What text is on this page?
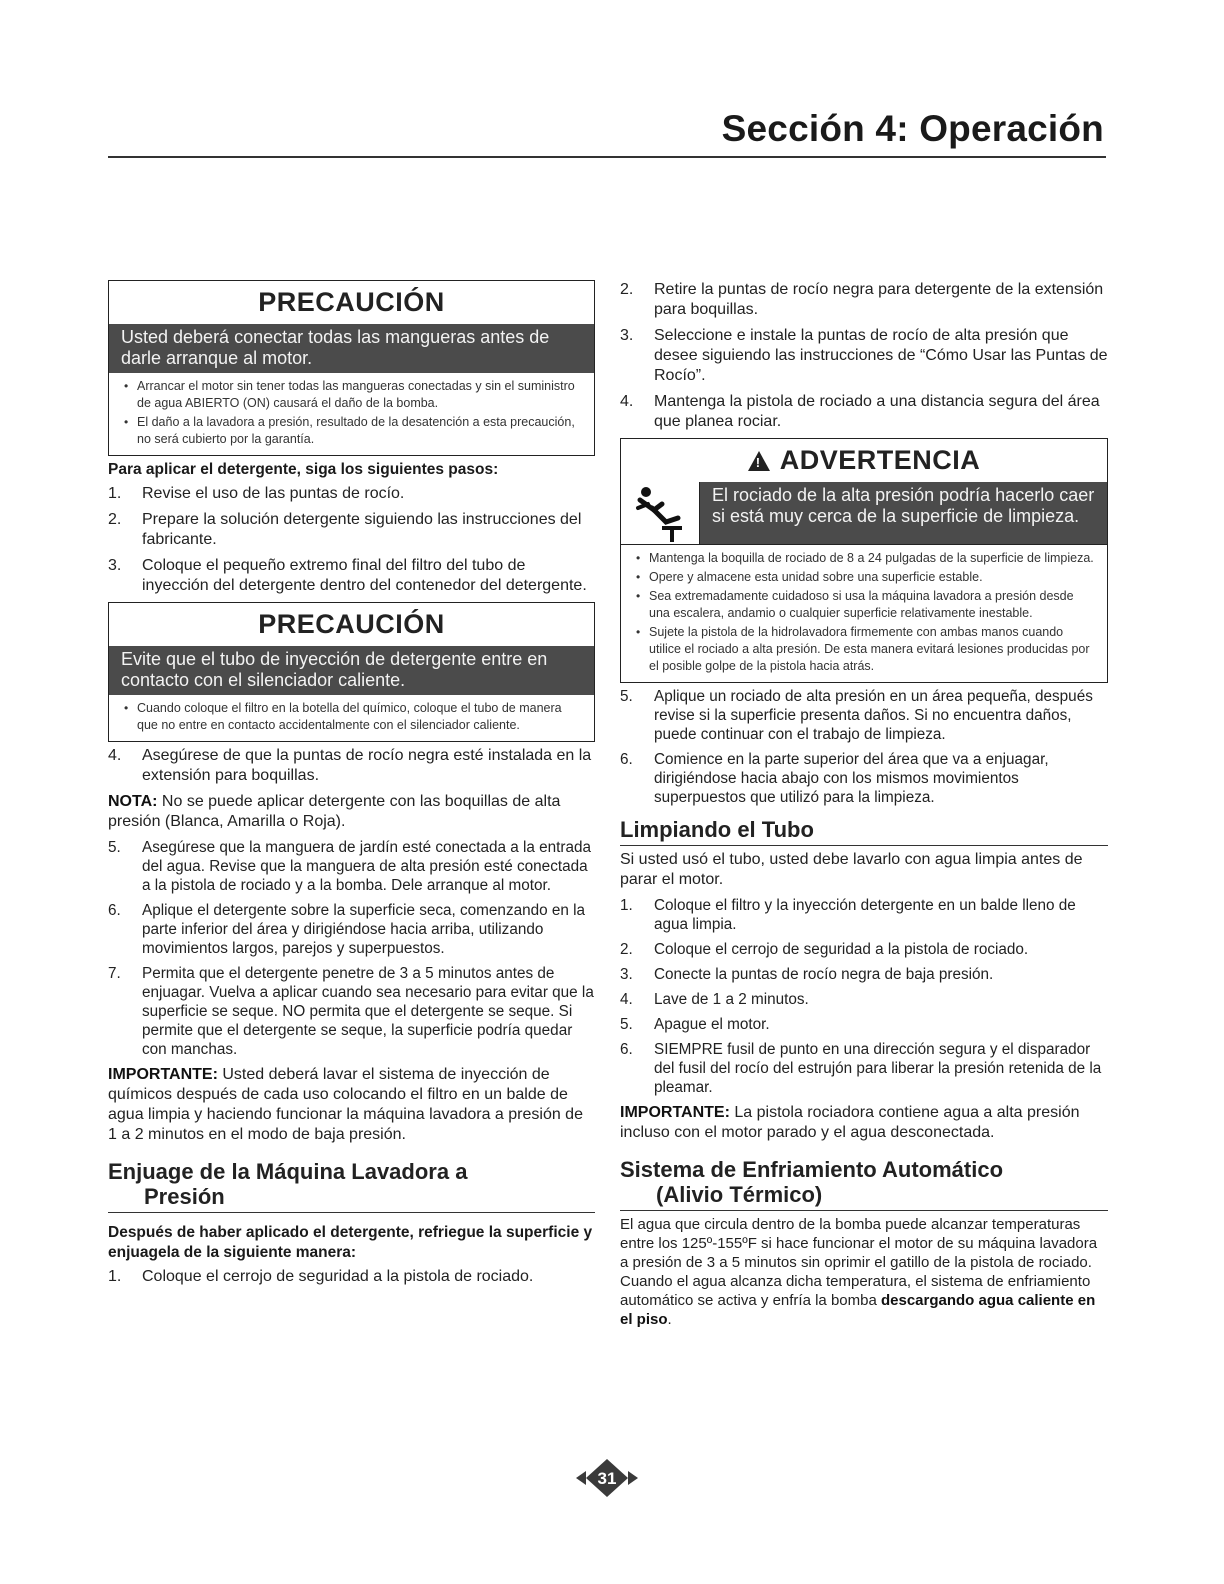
Sección 4: Operación
PRECAUCIÓN
Usted deberá conectar todas las mangueras antes de darle arranque al motor.
• Arrancar el motor sin tener todas las mangueras conectadas y sin el suministro de agua ABIERTO (ON) causará el daño de la bomba.
• El daño a la lavadora a presión, resultado de la desatención a esta precaución, no será cubierto por la garantía.
Para aplicar el detergente, siga los siguientes pasos:
1.	Revise el uso de las puntas de rocío.
2.	Prepare la solución detergente siguiendo las instrucciones del fabricante.
3.	Coloque el pequeño extremo final del filtro del tubo de inyección del detergente dentro del contenedor del detergente.
PRECAUCIÓN
Evite que el tubo de inyección de detergente entre en contacto con el silenciador caliente.
• Cuando coloque el filtro en la botella del químico, coloque el tubo de manera que no entre en contacto accidentalmente con el silenciador caliente.
4.	Asegúrese de que la puntas de rocío negra esté instalada en la extensión para boquillas.

NOTA: No se puede aplicar detergente con las boquillas de alta presión (Blanca, Amarilla o Roja).

5.	Asegúrese que la manguera de jardín esté conectada a la entrada del agua. Revise que la manguera de alta presión esté conectada a la pistola de rociado y a la bomba. Dele arranque al motor.
6.	Aplique el detergente sobre la superficie seca, comenzando en la parte inferior del área y dirigiéndose hacia arriba, utilizando movimientos largos, parejos y superpuestos.
7.	Permita que el detergente penetre de 3 a 5 minutos antes de enjuagar. Vuelva a aplicar cuando sea necesario para evitar que la superficie se seque. NO permita que el detergente se seque. Si permite que el detergente se seque, la superficie podría quedar con manchas.

IMPORTANTE: Usted deberá lavar el sistema de inyección de químicos después de cada uso colocando el filtro en un balde de agua limpia y haciendo funcionar la máquina lavadora a presión de 1 a 2 minutos en el modo de baja presión.

Enjuage de la Máquina Lavadora a
Presión
Después de haber aplicado el detergente, refriegue la superficie y enjuagela de la siguiente manera:
1.	Coloque el cerrojo de seguridad a la pistola de rociado.
2.	Retire la puntas de rocío negra para detergente de la extensión para boquillas.
3.	Seleccione e instale la puntas de rocío de alta presión que desee siguiendo las instrucciones de “Cómo Usar las Puntas de Rocío”.
4.	Mantenga la pistola de rociado a una distancia segura del área que planea rociar.
!
ADVERTENCIA
El rociado de la alta presión podría hacerlo caer si está muy cerca de la superficie de limpieza.
• Mantenga la boquilla de rociado de 8 a 24 pulgadas de la superficie de limpieza.
• Opere y almacene esta unidad sobre una superficie estable.
• Sea extremadamente cuidadoso si usa la máquina lavadora a presión desde una escalera, andamio o cualquier superficie relativamente inestable.
• Sujete la pistola de la hidrolavadora firmemente con ambas manos cuando utilice el rociado a alta presión. De esta manera evitará lesiones producidas por el posible golpe de la pistola hacia atrás.
5.	Aplique un rociado de alta presión en un área pequeña, después revise si la superficie presenta daños. Si no encuentra daños, puede continuar con el trabajo de limpieza.
6.	Comience en la parte superior del área que va a enjuagar, dirigiéndose hacia abajo con los mismos movimientos superpuestos que utilizó para la limpieza.
Limpiando el Tubo

Si usted usó el tubo, usted debe lavarlo con agua limpia antes de parar el motor.

1.	Coloque el filtro y la inyección detergente en un balde lleno de agua limpia.
2.	Coloque el cerrojo de seguridad a la pistola de rociado.
3.	Conecte la puntas de rocío negra de baja presión.
4.	Lave de 1 a 2 minutos.
5.	Apague el motor.
6.	SIEMPRE fusil de punto en una dirección segura y el disparador del fusil del rocío del estrujón para liberar la presión retenida de la pleamar.

IMPORTANTE: La pistola rociadora contiene agua a alta presión incluso con el motor parado y el agua desconectada.

Sistema de Enfriamiento Automático
(Alivio Térmico)

El agua que circula dentro de la bomba puede alcanzar temperaturas entre los 125º-155ºF si hace funcionar el motor de su máquina lavadora a presión de 3 a 5 minutos sin oprimir el gatillo de la pistola de rociado. Cuando el agua alcanza dicha temperatura, el sistema de enfriamiento automático se activa y enfría la bomba descargando agua caliente en el piso.

31
